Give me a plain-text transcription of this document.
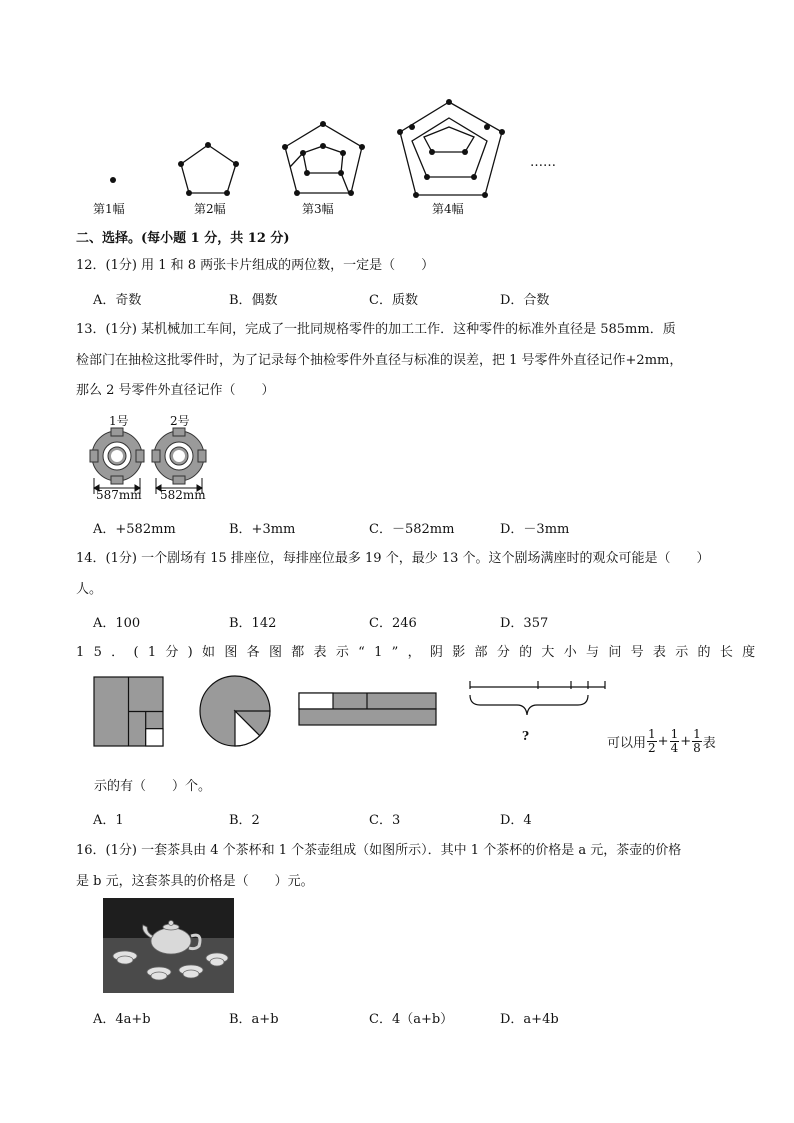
第1幅	第2幅	第3幅	第4幅
……
二、选择。(每小题 1 分，共 12 分)
12．(1分) 用 1 和 8 两张卡片组成的两位数，一定是（　　）
A．奇数	B．偶数	C．质数	D．合数
13．(1分) 某机械加工车间，完成了一批同规格零件的加工工作．这种零件的标准外直径是 585mm．质
检部门在抽检这批零件时，为了记录每个抽检零件外直径与标准的误差，把 1 号零件外直径记作+2mm，
那么 2 号零件外直径记作（　　）
1号	2号
587mm 582mm
A．+582mm	B．+3mm	C．－582mm	D．－3mm
14．(1分) 一个剧场有 15 排座位，每排座位最多 19 个，最少 13 个。这个剧场满座时的观众可能是（　　）
人。
A．100	B．142	C．246	D．357
15．(1分)如图各图都表示“1”，阴影部分的大小与问号表示的长度
?	可以用 $\frac{1}{2} + \frac{1}{4} + \frac{1}{8}$ 表
示的有（　　）个。
A．1	B．2	C．3	D．4
16．(1分) 一套茶具由 4 个茶杯和 1 个茶壶组成（如图所示）．其中 1 个茶杯的价格是 a 元，茶壶的价格
是 b 元，这套茶具的价格是（　　）元。
A．4a+b	B．a+b	C．4（a+b）	D．a+4b
